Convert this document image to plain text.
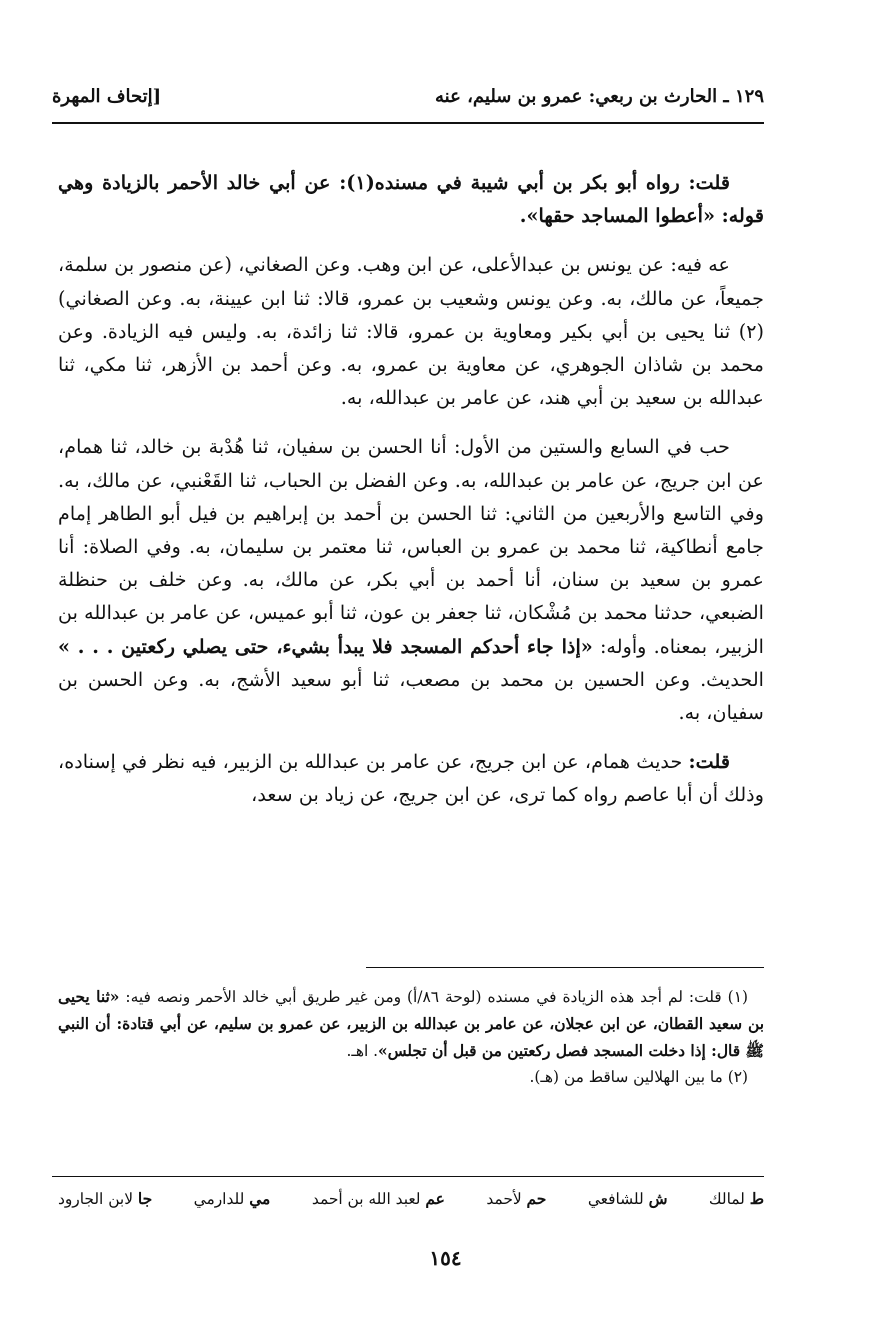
١٢٩ ـ الحارث بن ربعي: عمرو بن سليم، عنه
[إتحاف المهرة

قلت: رواه أبو بكر بن أبي شيبة في مسنده(١): عن أبي خالد الأحمر بالزيادة وهي قوله: «أعطوا المساجد حقها».

عه فيه: عن يونس بن عبدالأعلى، عن ابن وهب. وعن الصغاني، (عن منصور بن سلمة، جميعاً، عن مالك، به. وعن يونس وشعيب بن عمرو، قالا: ثنا ابن عيينة، به. وعن الصغاني)(٢) ثنا يحيى بن أبي بكير ومعاوية بن عمرو، قالا: ثنا زائدة، به. وليس فيه الزيادة. وعن محمد بن شاذان الجوهري، عن معاوية بن عمرو، به. وعن أحمد بن الأزهر، ثنا مكي، ثنا عبدالله بن سعيد بن أبي هند، عن عامر بن عبدالله، به.

حب في السابع والستين من الأول: أنا الحسن بن سفيان، ثنا هُدْبة بن خالد، ثنا همام، عن ابن جريج، عن عامر بن عبدالله، به. وعن الفضل بن الحباب، ثنا القَعْنبي، عن مالك، به. وفي التاسع والأربعين من الثاني: ثنا الحسن بن أحمد بن إبراهيم بن فيل أبو الطاهر إمام جامع أنطاكية، ثنا محمد بن عمرو بن العباس، ثنا معتمر بن سليمان، به. وفي الصلاة: أنا عمرو بن سعيد بن سنان، أنا أحمد بن أبي بكر، عن مالك، به. وعن خلف بن حنظلة الضبعي، حدثنا محمد بن مُشْكان، ثنا جعفر بن عون، ثنا أبو عميس، عن عامر بن عبدالله بن الزبير، بمعناه. وأوله: «إذا جاء أحدكم المسجد فلا يبدأ بشيء، حتى يصلي ركعتين . . . » الحديث. وعن الحسين بن محمد بن مصعب، ثنا أبو سعيد الأشج، به. وعن الحسن بن سفيان، به.

قلت: حديث همام، عن ابن جريج، عن عامر بن عبدالله بن الزبير، فيه نظر في إسناده، وذلك أن أبا عاصم رواه كما ترى، عن ابن جريج، عن زياد بن سعد،

(١) قلت: لم أجد هذه الزيادة في مسنده (لوحة ٨٦/أ) ومن غير طريق أبي خالد الأحمر ونصه فيه: «ثنا يحيى بن سعيد القطان، عن ابن عجلان، عن عامر بن عبدالله بن الزبير، عن عمرو بن سليم، عن أبي قتادة: أن النبي ﷺ قال: إذا دخلت المسجد فصل ركعتين من قبل أن تجلس». اهـ.

(٢) ما بين الهلالين ساقط من (هـ).

ط لمالك
ش للشافعي
حم لأحمد
عم لعبد الله بن أحمد
مي للدارمي
جا لابن الجارود
١٥٤
